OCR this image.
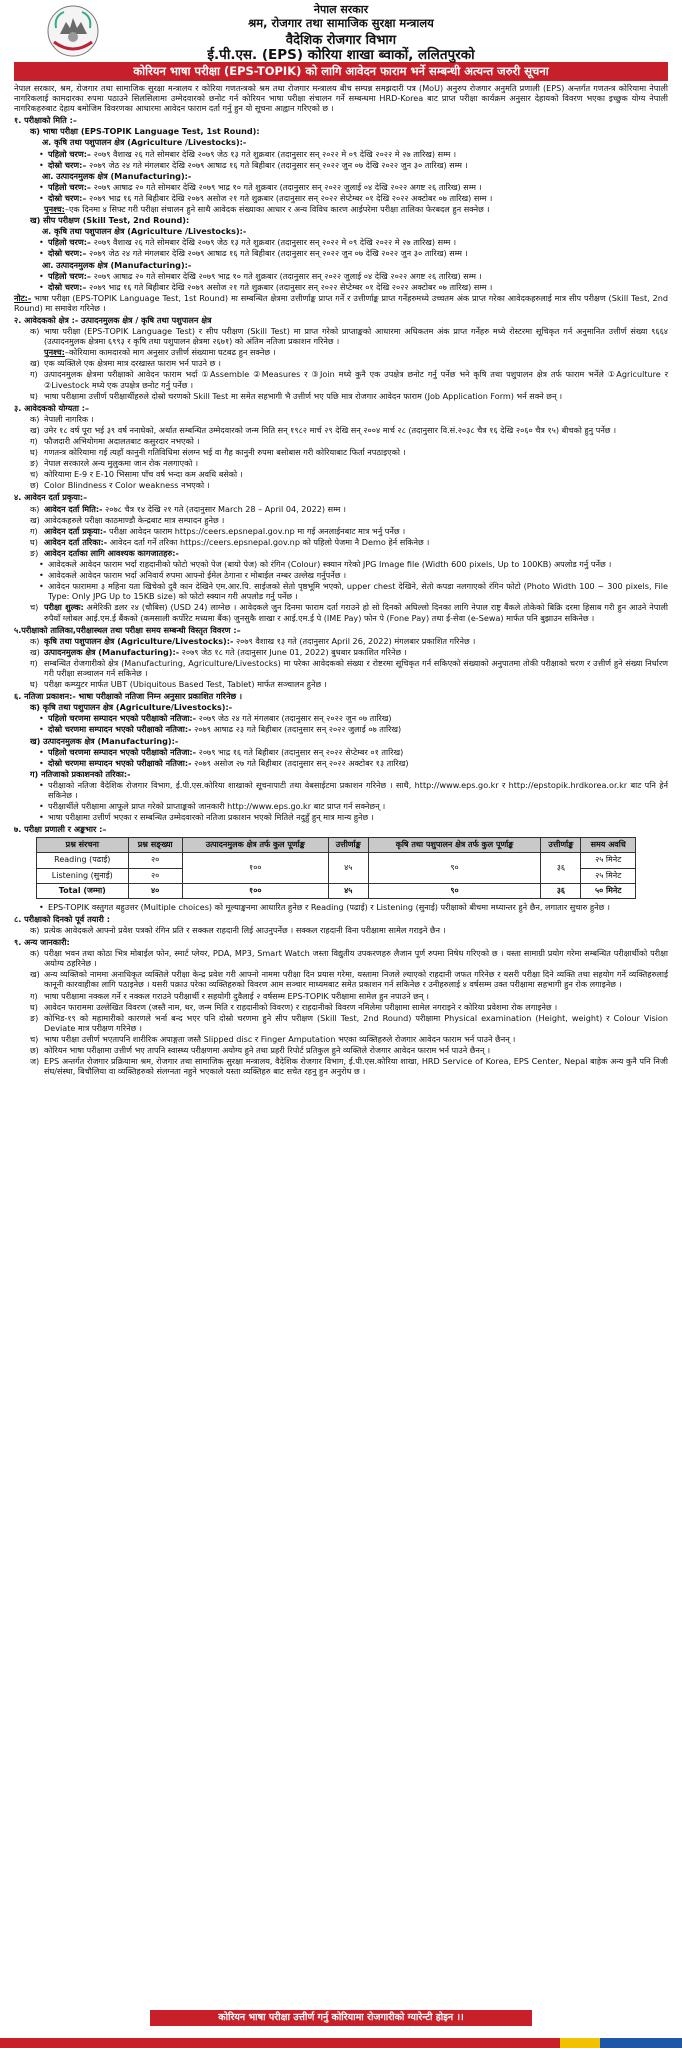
नेपाल सरकार
श्रम, रोजगार तथा सामाजिक सुरक्षा मन्त्रालय
वैदेशिक रोजगार विभाग
ई.पी.एस. (EPS) कोरिया शाखा ब्वाकों, ललितपुरको
कोरियन भाषा परीक्षा (EPS-TOPIK) को लागि आवेदन फाराम भर्ने सम्बन्धी अत्यन्त जरुरी सूचना

नेपाल सरकार, श्रम, रोजगार तथा सामाजिक सुरक्षा मन्त्रालय र कोरिया गणतन्त्रको श्रम तथा रोजगार मन्त्रालय बीच सम्पन्न समझदारी पत्र (MoU) अनुरुप रोजगार अनुमति प्रणाली (EPS) अन्तर्गत गणतन्त्र कोरियामा नेपाली नागरिकलाई कामदारका रुपमा पठाउने सिलसिलामा उम्मेदवारको छनोट गर्न कोरियन भाषा परीक्षा संचालन गर्ने सम्बन्धमा HRD-Korea बाट प्राप्त परीक्षा कार्यक्रम अनुसार देहायको विवरण भएका इच्छुक योग्य नेपाली नागरिकहरुबाट देहाय बमोजिम विवरणका आधारमा आवेदन फाराम दर्ता गर्नु हुन यो सूचना आह्वान गरिएको छ ।

१. परीक्षाको मिति :–

क) भाषा परीक्षा (EPS-TOPIK Language Test, 1st Round):

अ. कृषि तथा पशुपालन क्षेत्र (Agriculture /Livestocks):-

• पहिलो चरण:– २०७९ वैशाख २६ गते सोमबार देखि २०७९ जेठ १३ गते शुक्रबार (तदानुसार सन् २०२२ मे ०९ देखि २०२२ मे २७ तारिख) सम्म ।

• दोस्रो चरण:– २०७९ जेठ २४ गते मंगलबार देखि २०७९ आषाढ १६ गते बिहीबार (तदानुसार सन् २०२२ जुन ०७ देखि २०२२ जुन ३० तारिख) सम्म ।

आ. उत्पादनमुलक क्षेत्र (Manufacturing):-

• पहिलो चरण:– २०७९ आषाढ २० गते सोमबार देखि २०७९ भाद्र १० गते शुक्रबार (तदानुसार सन् २०२२ जुलाई ०४ देखि २०२२ अगष्ट २६ तारिख) सम्म ।

• दोस्रो चरण:– २०७९ भाद्र १६ गते बिहीबार देखि २०७९ असोज २१ गते शुक्रबार (तदानुसार सन् २०२२ सेप्टेम्बर ०१ देखि २०२२ अक्टोबर ०७ तारिख) सम्म ।

पुनश्च:–एक दिनमा ४ सिफ्ट गरी परीक्षा संचालन हुने साथै आवेदक संख्याका आधार र अन्य विविध कारण आईपरेमा परीक्षा तालिका फेरबदल हुन सक्नेछ ।

ख) सीप परीक्षण (Skill Test, 2nd Round):

अ. कृषि तथा पशुपालन क्षेत्र (Agriculture /Livestocks):-

• पहिलो चरण:– २०७९ वैशाख २६ गते सोमबार देखि २०७९ जेठ १३ गते शुक्रबार (तदानुसार सन् २०२२ मे ०९ देखि २०२२ मे २७ तारिख) सम्म ।

• दोस्रो चरण:– २०७९ जेठ २४ गते मंगलबार देखि २०७९ आषाढ १६ गते बिहीबार (तदानुसार सन् २०२२ जुन ०७ देखि २०२२ जुन ३० तारिख) सम्म ।

आ. उत्पादनमुलक क्षेत्र (Manufacturing):-

• पहिलो चरण:– २०७९ आषाढ २० गते सोमबार देखि २०७९ भाद्र १० गते शुक्रबार (तदानुसार सन् २०२२ जुलाई ०४ देखि २०२२ अगष्ट २६ तारिख) सम्म ।

• दोस्रो चरण:– २०७९ भाद्र १६ गते बिहीबार देखि २०७९ असोज २१ गते शुक्रबार (तदानुसार सन् २०२२ सेप्टेम्बर ०१ देखि २०२२ अक्टोबर ०७ तारिख) सम्म ।

नोट:- भाषा परीक्षा (EPS-TOPIK Language Test, 1st Round) मा सम्बन्धित क्षेत्रमा उत्तीर्णाङ्क प्राप्त गर्ने र उत्तीर्णाङ्क प्राप्त गर्नेहरुमध्ये उच्चतम अंक प्राप्त गरेका आवेदकहरुलाई मात्र सीप परीक्षण (Skill Test, 2nd Round) मा समावेश गरिनेछ ।

२. आवेदकको क्षेत्र :- उत्पादनमुलक क्षेत्र / कृषि तथा पशुपालन क्षेत्र

क) भाषा परीक्षा (EPS-TOPIK Language Test) र सीप परीक्षण (Skill Test) मा प्राप्त गरेको प्राप्ताङ्कको आधारमा अधिकतम अंक प्राप्त गर्नेहरु मध्ये रोस्टरमा सूचिकृत गर्न अनुमानित उत्तीर्ण संख्या ९६६४ (उत्पादनमुलक क्षेत्रमा ६९९३ र कृषि तथा पशुपालन क्षेत्रमा २६७१) को अंतिम नतिजा प्रकाशन गरिनेछ ।

पुनश्च:–कोरियामा कामदारको माग अनुसार उत्तीर्ण संख्यामा घटबढ हुन सक्नेछ ।

ख) एक व्यक्तिले एक क्षेत्रमा मात्र दरखास्त फाराम भर्न पाउने छ ।

ग) उत्पादनमुलक क्षेत्रमा परीक्षाको आवेदन फाराम भर्दा ①Assemble ②Measures र ③Join मध्ये कुनै एक उपक्षेत्र छनोट गर्नु पर्नेछ भने कृषि तथा पशुपालन क्षेत्र तर्फ फाराम भर्नेले ①Agriculture र ②Livestock मध्ये एक उपक्षेत्र छनोट गर्नु पर्नेछ ।

घ) भाषा परीक्षामा उत्तीर्ण परीक्षार्थीहरुले दोस्रो चरणको Skill Test मा समेत सहभागी भै उत्तीर्ण भए पछि मात्र रोजगार आवेदन फाराम (Job Application Form) भर्न सक्ने छन् ।

३. आवेदकको योग्यता :–

क) नेपाली नागरिक ।

ख) उमेर १८ वर्ष पूरा भई ३९ वर्ष ननाघेको, अर्थात सम्बन्धित उम्मेदवारको जन्म मिति सन् १९८२ मार्च २९ देखि सन् २००४ मार्च २८ (तदानुसार वि.सं.२०३८ चैत्र १६ देखि २०६० चैत्र १५) बीचको हुनु पर्नेछ ।

ग) फौजदारी अभियोगमा अदालतबाट कसुरदार नभएको ।

घ) गणतन्त्र कोरियामा गई त्यहाँ कानुनी गतिविधिमा संलग्न भई वा गैह कानुनी रुपमा बसोबास गरी कोरियाबाट फिर्ता नपठाइएको ।

ङ) नेपाल सरकारले अन्य मुलुकमा जान रोक नलगाएको ।

च) कोरियामा E-9 र E-10 भिसामा पाँच वर्ष भन्दा कम अवधि बसेको ।

छ) Color Blindness र Color weakness नभएको ।

४. आवेदन दर्ता प्रकृया:–

क) आवेदन दर्ता मिति:- २०७८ चैत्र १४ देखि २१ गते (तदानुसार March 28 – April 04, 2022) सम्म ।

ख) आवेदकहरुले परीक्षा काठमाण्डौ केन्द्रबाट मात्र सम्पादन हुनेछ ।

ग) आवेदन दर्ता प्रकृया:- परीक्षा आवेदन फाराम https://ceers.epsnepal.gov.np मा गई अनलाईनबाट मात्र भर्नु पर्नेछ ।

घ) आवेदन दर्ता तरिका:- आवेदन दर्ता गर्ने तरिका https://ceers.epsnepal.gov.np को पहिलो पेजमा नै Demo हेर्न सकिनेछ ।

ङ) आवेदन दर्ताका लागि आवश्यक कागजातहरु:-

• आवेदकले आवेदन फाराम भर्दा राहदानीको फोटो भएको पेज (बायो पेज) को रंगिन (Colour) स्क्यान गरेको JPG Image file (Width 600 pixels, Up to 100KB) अपलोड गर्नु पर्नेछ ।

• आवेदकले आवेदन फाराम भर्दा अनिवार्य रुपमा आफ्नो ईमेल ठेगाना र मोबाईल नम्बर उल्लेख गर्नुपर्नेछ ।

• आवेदन फाराममा ३ महिना यता खिचेको दुवै कान देखिने एम.आर.पि. साईजको सेतो पृष्ठभूमि भएको, upper chest देखिने, सेतो कपडा नलगाएको रंगिन फोटो (Photo Width 100 ~ 300 pixels, File Type: Only JPG Up to 15KB size) को फोटो स्क्यान गरी अपलोड गर्नु पर्नेछ ।

च) परीक्षा शुल्क: अमेरिकी डलर २४ (चौबिस) (USD 24) लाग्नेछ । आवेदकले जुन दिनमा फाराम दर्ता गराउने हो सो दिनको अघिल्लो दिनका लागि नेपाल राष्ट्र बैंकले तोकेको बिक्रि दरमा हिसाब गरी हुन आउने नेपाली रुपैयाँ ग्लोबल आई.एम.ई बैंकको (कमसाली कर्पोरेट मध्यमा बैंक) जुनसुकै शाखा र आई.एम.ई पे (IME Pay) फोन पे (Fone Pay) तथा ई-सेवा (e-Sewa) मार्फत पनि बुझाउन सकिनेछ ।

५.परीक्षाको तालिका,परीक्षास्थल तथा परीक्षा समय सम्बन्धी विस्तृत विवरण :–

क) कृषि तथा पशुपालन क्षेत्र (Agriculture/Livestocks):- २०७९ वैशाख १३ गते (तदानुसार April 26, 2022) मंगलबार प्रकाशित गरिनेछ ।

ख) उत्पादनमुलक क्षेत्र (Manufacturing):- २०७९ जेठ १८ गते (तदानुसार June 01, 2022) बुधबार प्रकाशित गरिनेछ ।

ग) सम्बन्धित रोजगारीको क्षेत्र (Manufacturing, Agriculture/Livestocks) मा परेका आवेदकको संख्या र रोष्टरमा सूचिकृत गर्न सकिएको संख्याको अनुपातमा तोकी परीक्षाको चरण र उत्तीर्ण हुने संख्या निर्धारण गरी परीक्षा सञ्चालन गर्न सकिनेछ ।

घ) परीक्षा कम्प्युटर मार्फत UBT (Ubiquitous Based Test, Tablet) मार्फत सञ्चालन हुनेछ ।

६. नतिजा प्रकाशन:- भाषा परीक्षाको नतिजा निम्न अनुसार प्रकाशित गरिनेछ ।

क) कृषि तथा पशुपालन क्षेत्र (Agriculture/Livestocks):-

• पहिलो चरणमा सम्पादन भएको परीक्षाको नतिजा:- २०७९ जेठ २४ गते मंगलबार (तदानुसार सन् २०२२ जुन ०७ तारिख)

• दोस्रो चरणमा सम्पादन भएको परीक्षाको नतिजा:- २०७९ आषाढ २३ गते बिहीबार (तदानुसार सन् २०२२ जुलाई ०७ तारिख)

ख) उत्पादनमुलक क्षेत्र (Manufacturing):-

• पहिलो चरणमा सम्पादन भएको परीक्षाको नतिजा:- २०७९ भाद्र १६ गते बिहीबार (तदानुसार सन् २०२२ सेप्टेम्बर ०१ तारिख)

• दोस्रो चरणमा सम्पादन भएको परीक्षाको नतिजा:- २०७९ असोज २७ गते बिहीबार (तदानुसार सन् २०२२ अक्टोबर १३ तारिख)

ग) नतिजाको प्रकाशनको तरिका:-

• परीक्षाको नतिजा वैदेशिक रोजगार विभाग, ई.पी.एस.कोरिया शाखाको सूचनापाटी तथा वेबसाईटमा प्रकाशन गरिनेछ । साथै, http://www.eps.go.kr र http://epstopik.hrdkorea.or.kr बाट पनि हेर्न सकिनेछ ।

• परीक्षार्थीले परीक्षामा आफूले प्राप्त गरेको प्राप्ताङ्कको जानकारी http://www.eps.go.kr बाट प्राप्त गर्न सक्नेछन् ।

• भाषा परीक्षामा उत्तीर्ण भएका र सम्बन्धित उम्मेदवारको नतिजा प्रकाशन भएको मितिले नदुहुँ हुन् मात्र मान्य हुनेछ ।

७. परीक्षा प्रणाली र अङ्कभार :–

प्रश्न संरचना	प्रश्न सङ्ख्या	उत्पादनमुलक क्षेत्र तर्फ कुल पूर्णाङ्क	उत्तीर्णाङ्क	कृषि तथा पशुपालन क्षेत्र तर्फ कुल पूर्णाङ्क	उत्तीर्णाङ्क	समय अवधि
Reading (पढाई)	२०	१००	४५	९०	३६	२५ मिनेट
Listening (सुनाई)	२०					२५ मिनेट
Total (जम्मा)	४०	१००	४५	९०	३६	५० मिनेट

• EPS-TOPIK वस्तुगत बहुउत्तर (Multiple choices) को मूल्याङ्कनमा आधारित हुनेछ र Reading (पढाई) र Listening (सुनाई) परीक्षाको बीचमा मध्यान्तर हुने छैन, लगातार सुचारु हुनेछ ।

८. परीक्षाको दिनको पूर्व तयारी :

क) प्रत्येक आवेदकले आफ्नो प्रवेश पत्रको रंगिन प्रति र सक्कल राहदानी लिई आउनुपर्नेछ । सक्कल राहदानी विना परीक्षामा सामेल गराइने छैन ।

९. अन्य जानकारी:

क) परीक्षा भवन तथा कोठा भित्र मोबाईल फोन, स्मार्ट प्लेयर, PDA, MP3, Smart Watch जस्ता विद्युतीय उपकरणहरु लैजान पूर्ण रुपमा निषेध गरिएको छ । यस्ता सामाग्री प्रयोग गरेमा सम्बन्धित परीक्षार्थीको परीक्षा अयोग्य ठहरिनेछ ।

ख) अन्य व्यक्तिको नाममा अनाधिकृत व्यक्तिले परीक्षा केन्द्र प्रवेश गरी आफ्नो नाममा परीक्षा दिन प्रयास गरेमा, यस्तामा निजले ल्याएको राहदानी जफत गरिनेछ र यसरी परीक्षा दिने व्यक्ति तथा सहयोग गर्ने व्यक्तिहरुलाई कानूनी कारवाहीका लागि पठाइनेछ । यसरी पक्राउ परेका व्यक्तिहरुको विवरण आम सञ्चार माध्यमबाट समेत प्रकाशन गर्न सकिनेछ र उनीहरुलाई ४ वर्षसम्म उक्त परीक्षामा सहभागी हुन रोक लगाइनेछ ।

ग) भाषा परीक्षामा नक्कल गर्ने र नक्कल गराउने परीक्षार्थी र सहयोगी दुवैलाई २ वर्षसम्म EPS-TOPIK परीक्षामा सामेल हुन नपाउने छन् ।

घ) आवेदन फाराममा उल्लेखित विवरण (जस्तै नाम, थर, जन्म मिति र राहदानीको विवरण) र राहदानीको विवरण नमिलेमा परीक्षामा सामेल नगराइने र कोरिया प्रवेशमा रोक लगाइनेछ ।

ङ) कोभिड-१९ को महामारीको कारणले भर्ना बन्द भएर पनि दोस्रो चरणमा हुने सीप परीक्षण (Skill Test, 2nd Round) परीक्षामा Physical examination (Height, weight) र Colour Vision Deviate मात्र परीक्षण गरिनेछ ।

च) भाषा परीक्षा उत्तीर्ण भएतापनि शारीरिक अपाङ्गता जस्तै Slipped disc र Finger Amputation भएका व्यक्तिहरुले रोजगार आवेदन फाराम भर्न पाउने छैनन् ।

छ) कोरियन भाषा परीक्षामा उत्तीर्ण भए तापनि स्वास्थ्य परीक्षणमा अयोग्य हुने तथा प्रहरी रिपोर्ट प्रतिकुल हुने व्यक्तिले रोजगार आवेदन फाराम भर्न पाउने छैनन् ।

ज) EPS अन्तर्गत रोजगार प्रक्रियामा श्रम, रोजगार तथा सामाजिक सुरक्षा मन्त्रालय, वैदेशिक रोजगार विभाग, ई.पी.एस.कोरिया शाखा, HRD Service of Korea, EPS Center, Nepal बाहेक अन्य कुनै पनि निजी संघ/संस्था, बिचौलिया वा व्यक्तिहरुको संलग्नता नहुने भएकाले यस्ता व्यक्तिहरु बाट सचेत रहनु हुन अनुरोध छ ।

कोरियन भाषा परीक्षा उत्तीर्ण गर्नु कोरियामा रोजगारीको ग्यारेन्टी होइन ।।
